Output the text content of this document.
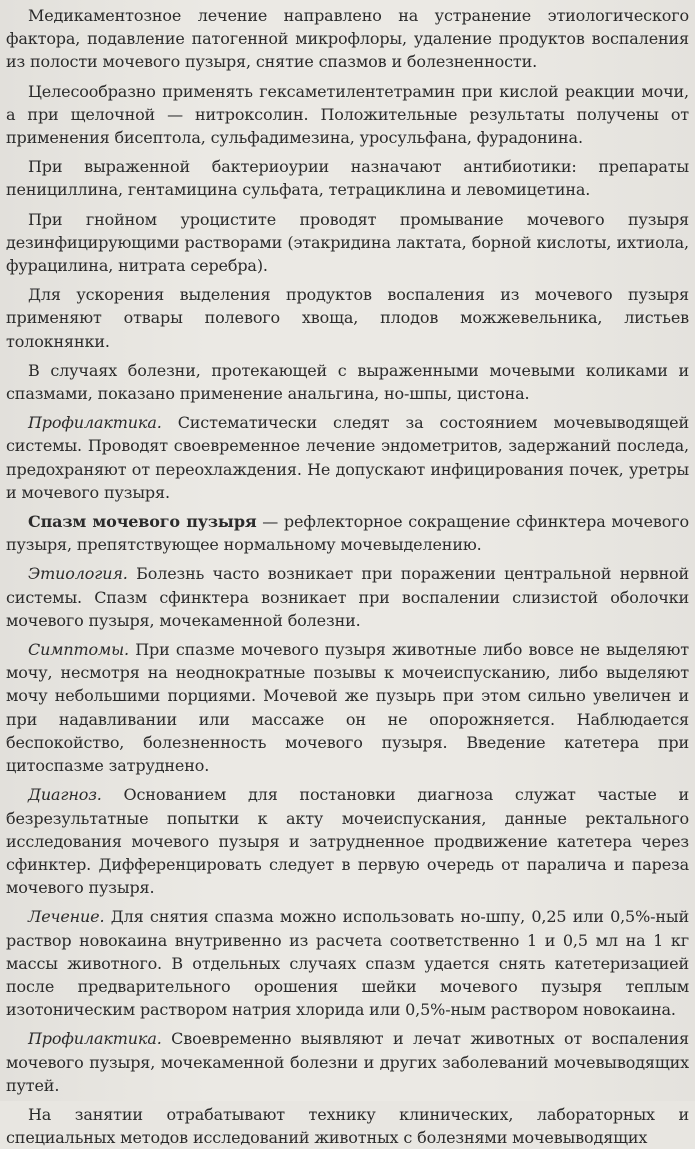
Медикаментозное лечение направлено на устранение этиологического фактора, подавление патогенной микрофлоры, удаление продуктов воспаления из полости мочевого пузыря, снятие спазмов и болезненности.

Целесообразно применять гексаметилентетрамин при кислой реакции мочи, а при щелочной — нитроксолин. Положительные результаты получены от применения бисептола, сульфадимезина, уросульфана, фурадонина.

При выраженной бактериоурии назначают антибиотики: препараты пенициллина, гентамицина сульфата, тетрациклина и левомицетина.

При гнойном уроцистите проводят промывание мочевого пузыря дезинфицирующими растворами (этакридина лактата, борной кислоты, ихтиола, фурацилина, нитрата серебра).

Для ускорения выделения продуктов воспаления из мочевого пузыря применяют отвары полевого хвоща, плодов можжевельника, листьев толокнянки.

В случаях болезни, протекающей с выраженными мочевыми коликами и спазмами, показано применение анальгина, но-шпы, цистона.

Профилактика. Систематически следят за состоянием мочевыводящей системы. Проводят своевременное лечение эндометритов, задержаний последа, предохраняют от переохлаждения. Не допускают инфицирования почек, уретры и мочевого пузыря.

Спазм мочевого пузыря — рефлекторное сокращение сфинктера мочевого пузыря, препятствующее нормальному мочевыделению.

Этиология. Болезнь часто возникает при поражении центральной нервной системы. Спазм сфинктера возникает при воспалении слизистой оболочки мочевого пузыря, мочекаменной болезни.

Симптомы. При спазме мочевого пузыря животные либо вовсе не выделяют мочу, несмотря на неоднократные позывы к мочеиспусканию, либо выделяют мочу небольшими порциями. Мочевой же пузырь при этом сильно увеличен и при надавливании или массаже он не опорожняется. Наблюдается беспокойство, болезненность мочевого пузыря. Введение катетера при цитоспазме затруднено.

Диагноз. Основанием для постановки диагноза служат частые и безрезультатные попытки к акту мочеиспускания, данные ректального исследования мочевого пузыря и затрудненное продвижение катетера через сфинктер. Дифференцировать следует в первую очередь от паралича и пареза мочевого пузыря.

Лечение. Для снятия спазма можно использовать но-шпу, 0,25 или 0,5%-ный раствор новокаина внутривенно из расчета соответственно 1 и 0,5 мл на 1 кг массы животного. В отдельных случаях спазм удается снять катетеризацией после предварительного орошения шейки мочевого пузыря теплым изотоническим раствором натрия хлорида или 0,5%-ным раствором новокаина.

Профилактика. Своевременно выявляют и лечат животных от воспаления мочевого пузыря, мочекаменной болезни и других заболеваний мочевыводящих путей.

На занятии отрабатывают технику клинических, лабораторных и специальных методов исследований животных с болезнями мочевыводящих
